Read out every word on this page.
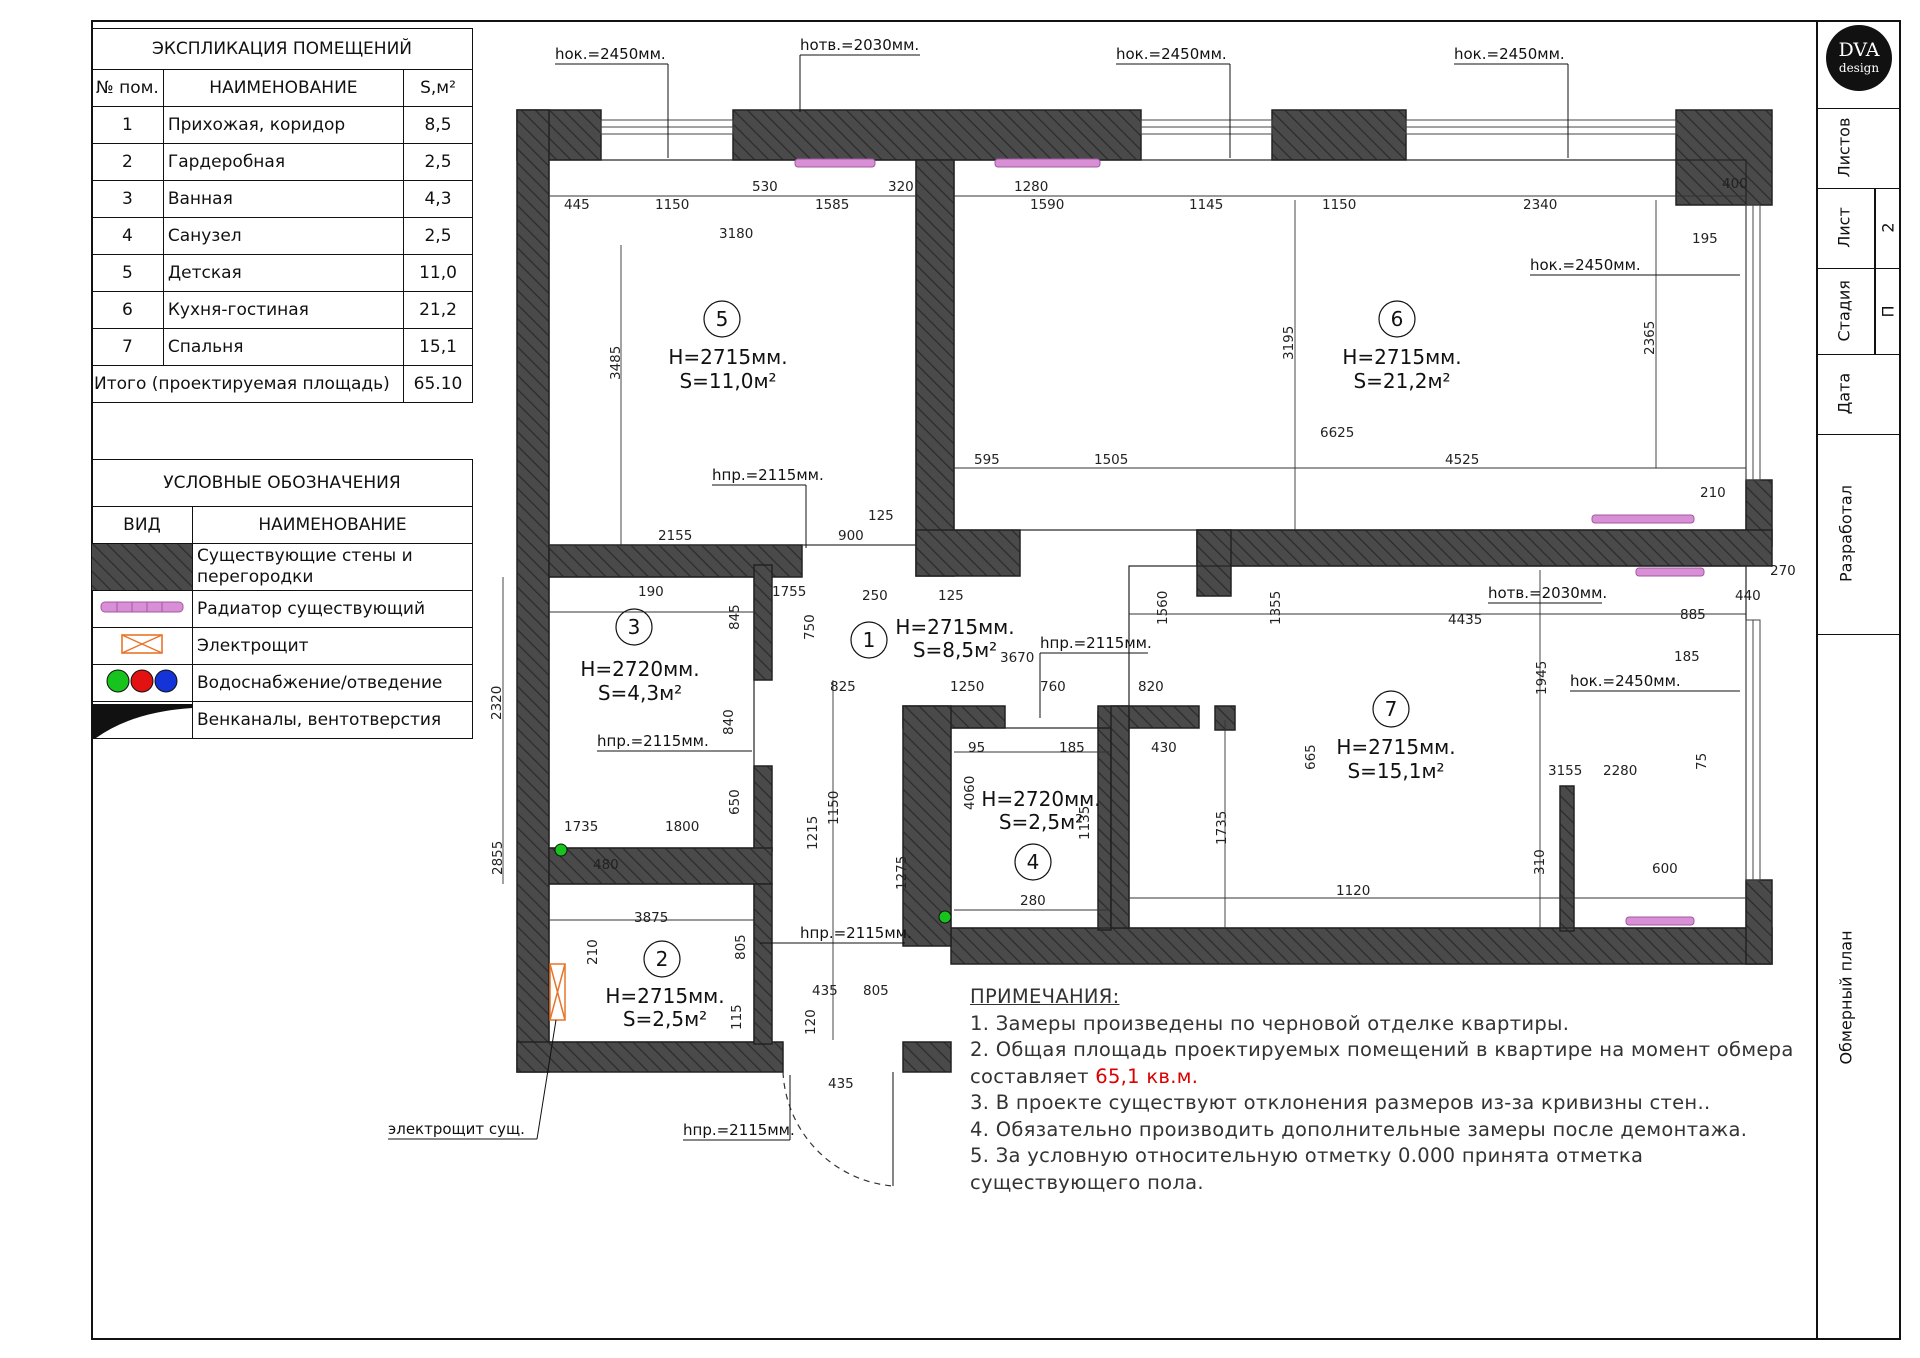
ЭКСПЛИКАЦИЯ ПОМЕЩЕНИЙ		
№ пом.	НАИМЕНОВАНИЕ	S,м²
1	Прихожая, коридор	8,5
2	Гардеробная	2,5
3	Ванная	4,3
4	Санузел	2,5
5	Детская	11,0
6	Кухня-гостиная	21,2
7	Спальня	15,1
Итого (проектируемая площадь)		65.10
УСЛОВНЫЕ ОБОЗНАЧЕНИЯ	
ВИД	НАИМЕНОВАНИЕ

	Существующие стены и перегородки
	Радиатор существующий
	Электрощит
	Водоснабжение/отведение

	Венканалы, вентотверстия
445	1150
530
1585
320	1280
1590	1145	1150	2340
400
3180	195
6625
595	1505	4525
210
125
2155	900
270
190	1755	250	125	440
885
4435
3670	185
825	1250	760	820
95	185	430
3155 2280
1735	1800
480
280
1120
600
3875
435 805
435
3485
3195	2365
750
845	1560	1355
1945
2320
840
665	75
1150	4060
1135	1735
650
1215
1275	310
2855
210
115	120
805
5
H=2715мм.
S=11,0м²
6
H=2715мм.
S=21,2м²
3
H=2720мм.
S=4,3м²
1
H=2715мм.
S=8,5м²
4
H=2720мм.
S=2,5м²
7
H=2715мм.
S=15,1м²
2
H=2715мм.
S=2,5м²
hок.=2450мм.	hотв.=2030мм.	hок.=2450мм.	hок.=2450мм.
hок.=2450мм.
hотв.=2030мм.
hок.=2450мм.
hпр.=2115мм.
hпр.=2115мм.
hпр.=2115мм.
hпр.=2115мм.
hпр.=2115мм.
электрощит сущ.
ПРИМЕЧАНИЯ:
1. Замеры произведены по черновой отделке квартиры.
2. Общая площадь проектируемых помещений в квартире на момент обмера
составляет 65,1 кв.м.
3. В проекте существуют отклонения размеров из-за кривизны стен..
4. Обязательно производить дополнительные замеры после демонтажа.
5. За условную относительную отметку 0.000 принята отметка
существующего пола.
DVA
design
Листов
Лист 2
Стадия П
Дата
Разработал
Обмерный план
